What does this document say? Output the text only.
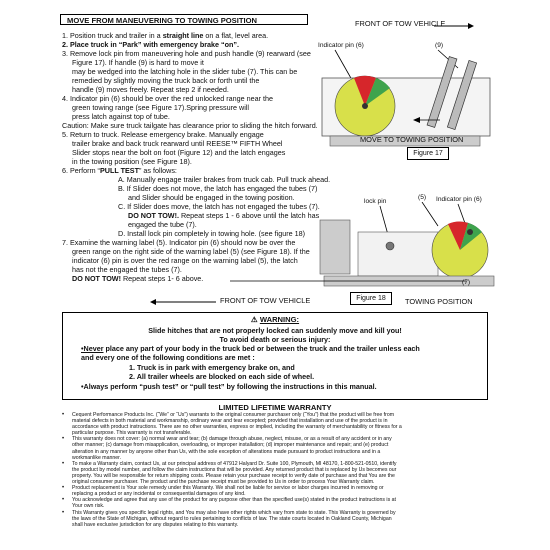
MOVE FROM MANEUVERING TO TOWING POSITION	FRONT OF TOW VEHICLE
Indicator pin (6)	(9)
MOVE TO TOWING POSITION
Figure 17
lock pin
(5) Indicator pin (6)
(7)
FRONT OF TOW VEHICLE	Figure 18	TOWING POSITION
1. Position truck and trailer in a straight line on a flat, level area.
2. Place truck in “Park” with emergency brake “on”.
3. Remove lock pin from maneuvering hole and push handle (9) rearward (see
Figure 17). If handle (9) is hard to move it
may be wedged into the latching hole in the slider tube (7). This can be
remedied by slightly moving the truck back or forth until the
handle (9) moves freely. Repeat step 2 if needed.
4. Indicator pin (6) should be over the red unlocked range near the
green towing range (see Figure 17).Spring pressure will
press latch against top of tube.
Caution: Make sure truck tailgate has clearance prior to sliding the hitch forward.
5. Return to truck. Release emergency brake. Manually engage
trailer brake and back truck rearward until REESE™ FIFTH Wheel
Slider stops near the bolt on foot (Figure 12) and the latch engages
in the towing position (see Figure 18).
6. Perform “PULL TEST” as follows:
A. Manually engage trailer brakes from truck cab. Pull truck ahead.
B. If Slider does not move, the latch has engaged the tubes (7)
and Slider should be engaged in the towing position.
C. If Slider does move, the latch has not engaged the tubes (7).
DO NOT TOW!. Repeat steps 1 - 6 above until the latch has
engaged the tube (7).
D. Install lock pin completely in towing hole. (see figure 18)
7. Examine the warning label (5). Indicator pin (6) should now be over the
green range on the right side of the warning label (5) (see Figure 18). If the
indicator (6) pin is over the red range on the warning label (5), the latch
has not the engaged the tubes (7).
DO NOT TOW! Repeat steps 1- 6 above.
⚠ WARNING:
Slide hitches that are not properly locked can suddenly move and kill you!
To avoid death or serious injury:
•Never place any part of your body in the truck bed or between the truck and the trailer unless each
and every one of the following conditions are met :
1. Truck is in park with emergency brake on, and
2. All trailer wheels are blocked on each side of wheel.
•Always perform “push test” or “pull test” by following the instructions in this manual.
LIMITED LIFETIME WARRANTY
• Cequent Performance Products Inc. (“We” or “Us”) warrants to the original consumer purchaser only (“You”) that the product will be free from
material defects in both material and workmanship, ordinary wear and tear excepted; provided that installation and use of the product is in
accordance with product instructions. There are no other warranties, express or implied, including the warranty of merchantability or fitness for a
particular purpose. This warranty is not transferable.
• This warranty does not cover: (a) normal wear and tear; (b) damage through abuse, neglect, misuse, or as a result of any accident or in any
other manner; (c) damage from misapplication, overloading, or improper installation; (d) improper maintenance and repair; and (e) product
alteration in any manner by anyone other than Us, with the sole exception of alterations made pursuant to product instructions and in a
workmanlike manner.
• To make a Warranty claim, contact Us, at our principal address of 47912 Halyard Dr. Suite 100, Plymouth, MI 48170, 1-800-521-0510, identify
the product by model number, and follow the claim instructions that will be provided. Any returned product that is replaced by Us becomes our
property. You will be responsible for return shipping costs. Please retain your purchase receipt to verify date of purchase and that You are the
original consumer purchaser. The product and the purchase receipt must be provided to Us in order to process Your Warranty claim.
• Product replacement is Your sole remedy under this Warranty. We shall not be liable for service or labor charges incurred in removing or
replacing a product or any incidental or consequential damages of any kind.
• You acknowledge and agree that any use of the product for any purpose other than the specified use(s) stated in the product instructions is at
Your own risk.
• This Warranty gives you specific legal rights, and You may also have other rights which vary from state to state. This Warranty is governed by
the laws of the State of Michigan, without regard to rules pertaining to conflicts of law. The state courts located in Oakland County, Michigan
shall have exclusive jurisdiction for any disputes relating to this warranty.
